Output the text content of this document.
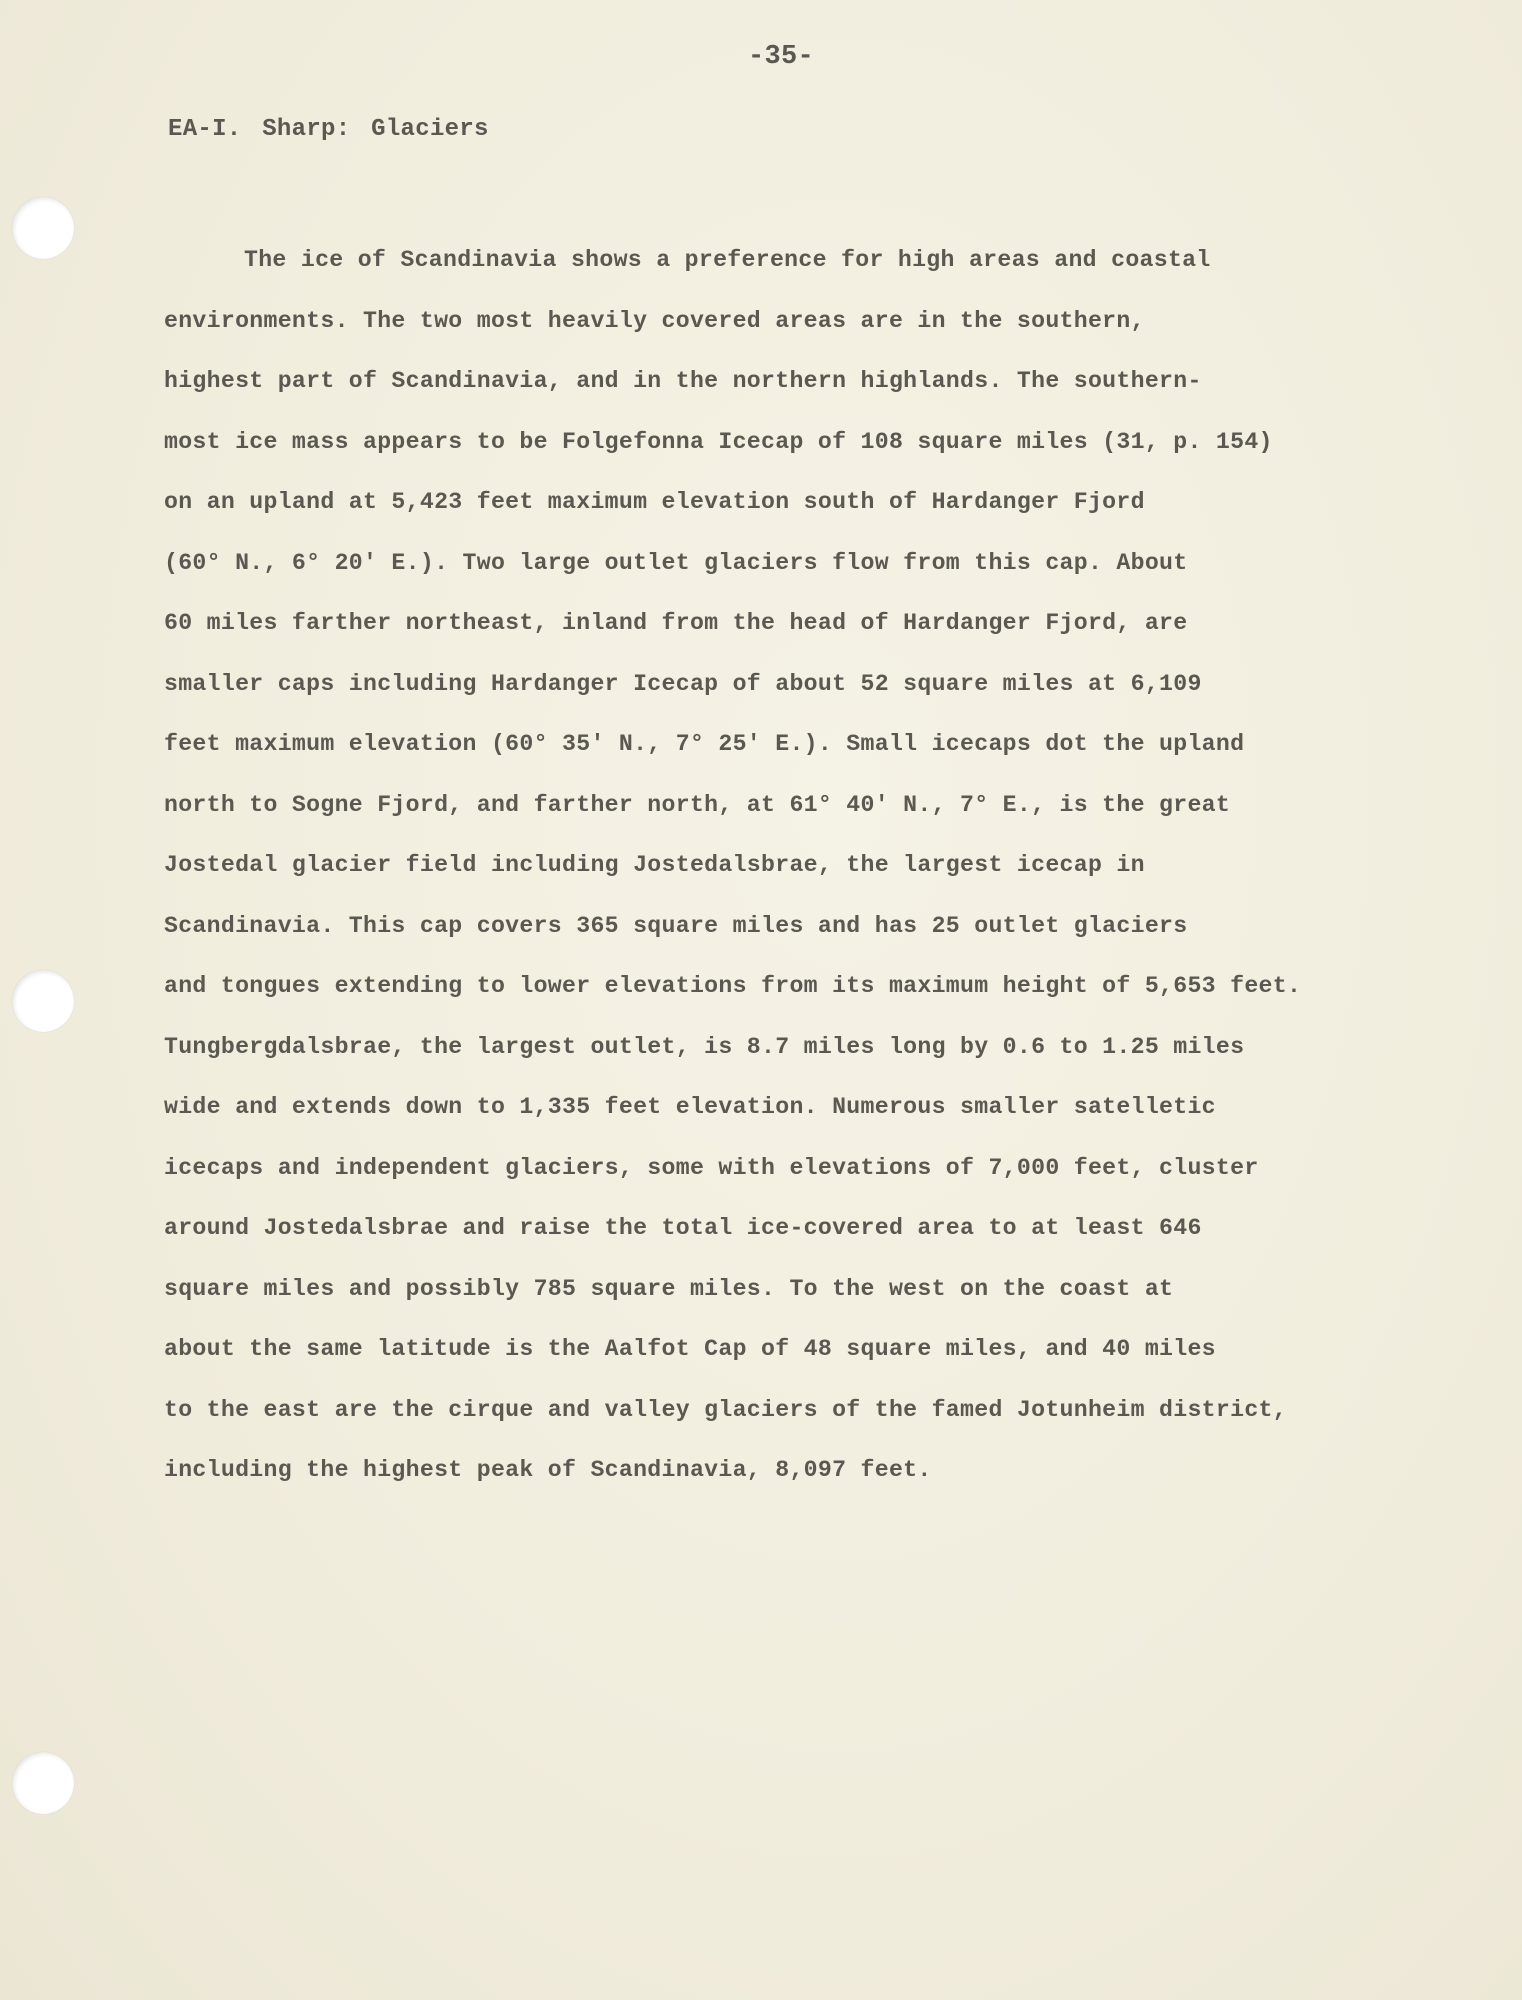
-35-
EA-I. Sharp: Glaciers
The ice of Scandinavia shows a preference for high areas and coastal
environments. The two most heavily covered areas are in the southern,
highest part of Scandinavia, and in the northern highlands. The southern-
most ice mass appears to be Folgefonna Icecap of 108 square miles (31, p. 154)
on an upland at 5,423 feet maximum elevation south of Hardanger Fjord
(60° N., 6° 20' E.). Two large outlet glaciers flow from this cap. About
60 miles farther northeast, inland from the head of Hardanger Fjord, are
smaller caps including Hardanger Icecap of about 52 square miles at 6,109
feet maximum elevation (60° 35' N., 7° 25' E.). Small icecaps dot the upland
north to Sogne Fjord, and farther north, at 61° 40' N., 7° E., is the great
Jostedal glacier field including Jostedalsbrae, the largest icecap in
Scandinavia. This cap covers 365 square miles and has 25 outlet glaciers
and tongues extending to lower elevations from its maximum height of 5,653 feet.
Tungbergdalsbrae, the largest outlet, is 8.7 miles long by 0.6 to 1.25 miles
wide and extends down to 1,335 feet elevation. Numerous smaller satelletic
icecaps and independent glaciers, some with elevations of 7,000 feet, cluster
around Jostedalsbrae and raise the total ice-covered area to at least 646
square miles and possibly 785 square miles. To the west on the coast at
about the same latitude is the Aalfot Cap of 48 square miles, and 40 miles
to the east are the cirque and valley glaciers of the famed Jotunheim district,
including the highest peak of Scandinavia, 8,097 feet.
